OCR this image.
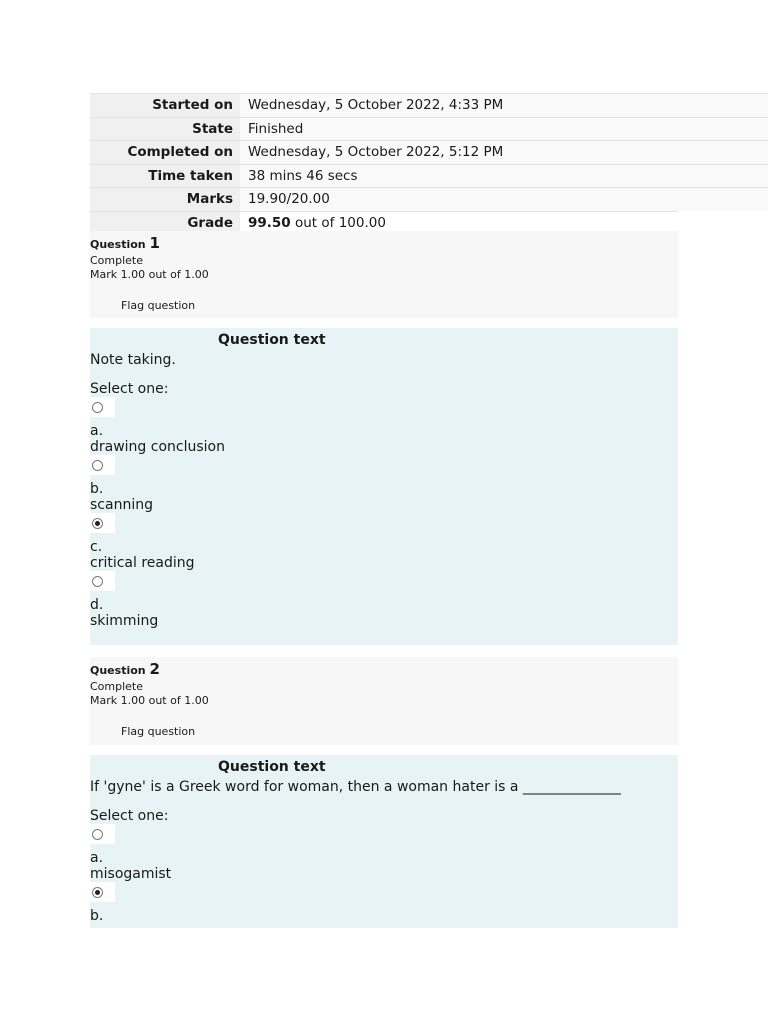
Started on	Wednesday, 5 October 2022, 4:33 PM
State	Finished
Completed on	Wednesday, 5 October 2022, 5:12 PM
Time taken	38 mins 46 secs
Marks	19.90/20.00
Grade	99.50 out of 100.00
Question 1
Complete
Mark 1.00 out of 1.00
Flag question
Question text
Note taking.
Select one:
a.
drawing conclusion
b.
scanning
c.
critical reading
d.
skimming
Question 2
Complete
Mark 1.00 out of 1.00
Flag question
Question text
If 'gyne' is a Greek word for woman, then a woman hater is a ______________
Select one:
a.
misogamist
b.
